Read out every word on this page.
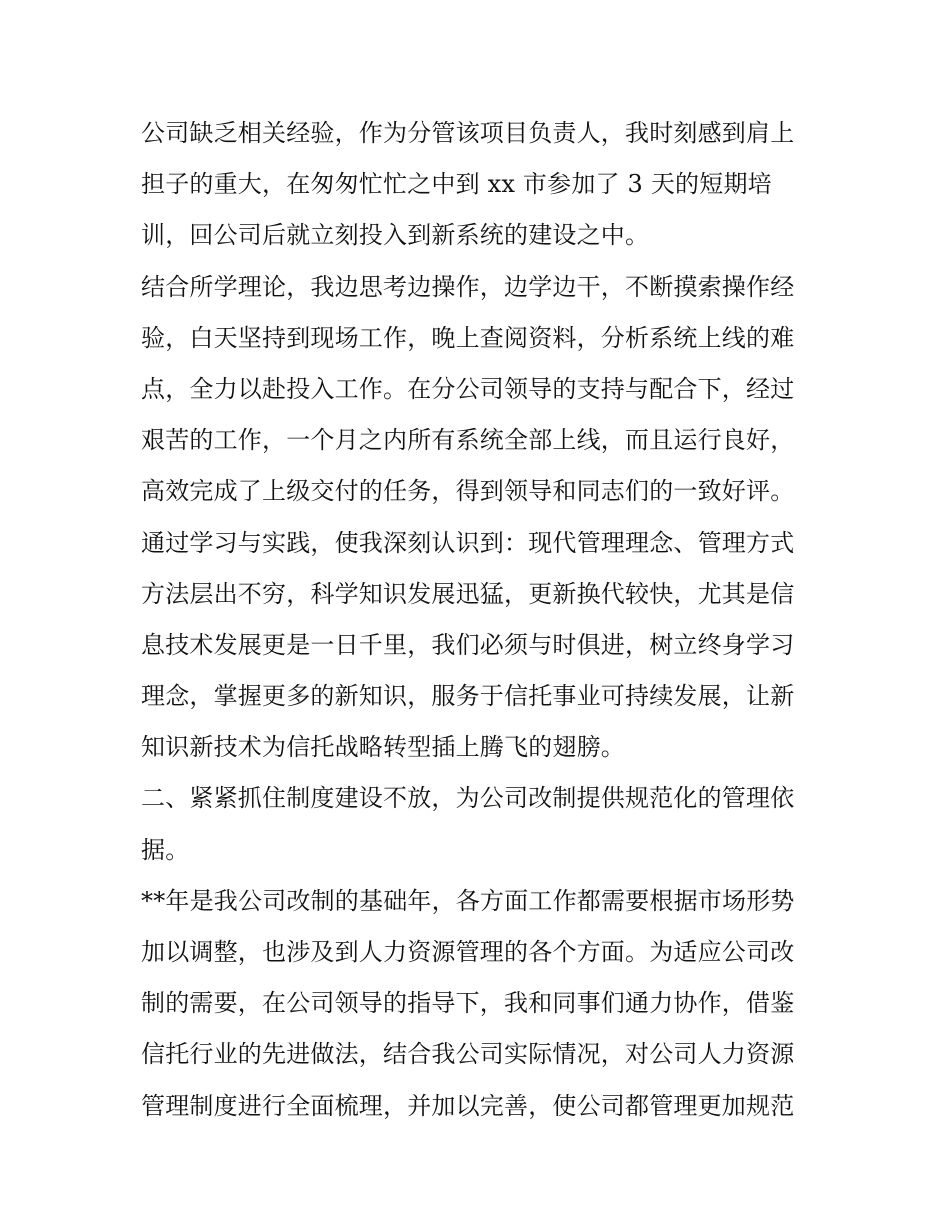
公司缺乏相关经验，作为分管该项目负责人，我时刻感到肩上
担子的重大，在匆匆忙忙之中到 xx 市参加了 3 天的短期培
训，回公司后就立刻投入到新系统的建设之中。
结合所学理论，我边思考边操作，边学边干，不断摸索操作经
验，白天坚持到现场工作，晚上查阅资料，分析系统上线的难
点，全力以赴投入工作。在分公司领导的支持与配合下，经过
艰苦的工作，一个月之内所有系统全部上线，而且运行良好，
高效完成了上级交付的任务，得到领导和同志们的一致好评。
通过学习与实践，使我深刻认识到：现代管理理念、管理方式
方法层出不穷，科学知识发展迅猛，更新换代较快，尤其是信
息技术发展更是一日千里，我们必须与时俱进，树立终身学习
理念，掌握更多的新知识，服务于信托事业可持续发展，让新
知识新技术为信托战略转型插上腾飞的翅膀。
二、紧紧抓住制度建设不放，为公司改制提供规范化的管理依
据。
**年是我公司改制的基础年，各方面工作都需要根据市场形势
加以调整，也涉及到人力资源管理的各个方面。为适应公司改
制的需要，在公司领导的指导下，我和同事们通力协作，借鉴
信托行业的先进做法，结合我公司实际情况，对公司人力资源
管理制度进行全面梳理，并加以完善，使公司都管理更加规范
